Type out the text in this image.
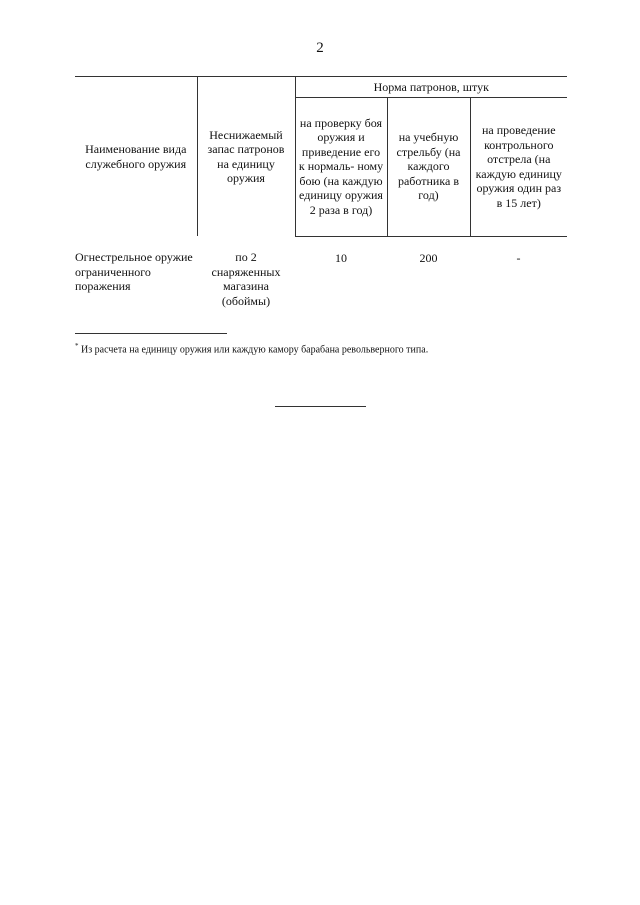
2
Наименование вида служебного оружия	Неснижаемый запас патронов на единицу оружия	Норма патронов, штук		
		на проверку боя оружия и приведение его к нормаль- ному бою (на каждую единицу оружия 2 раза в год)	на учебную стрельбу (на каждого работника в год)	на проведение контрольного отстрела (на каждую единицу оружия один раз в 15 лет)
Огнестрельное оружие ограниченного поражения	по 2 снаряженных магазина (обоймы)	10	200	-
* Из расчета на единицу оружия или каждую камору барабана револьверного типа.
